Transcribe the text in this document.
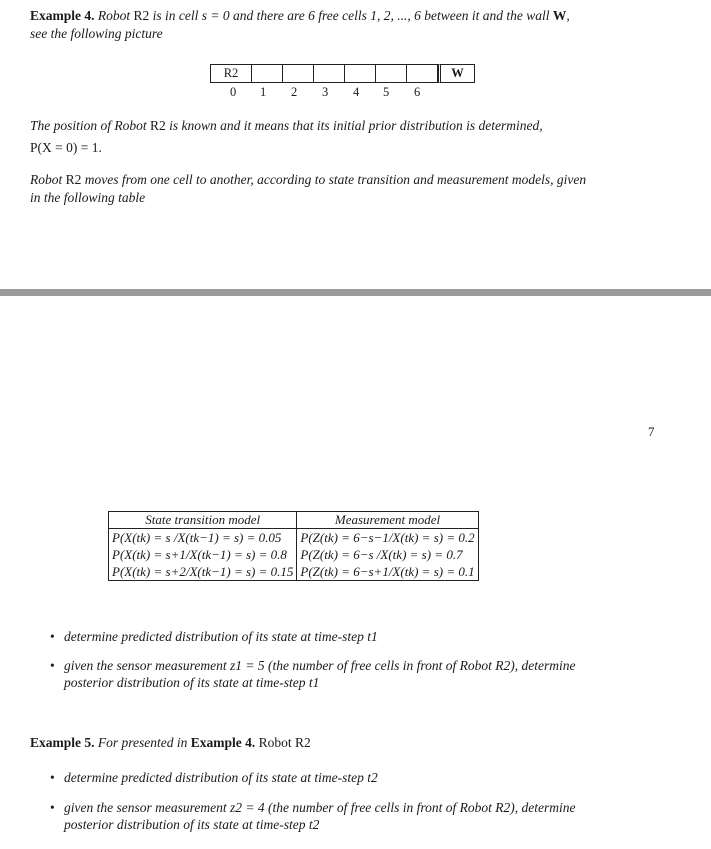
Example 4. Robot R2 is in cell s = 0 and there are 6 free cells 1, 2, ..., 6 between it and the wall W,
see the following picture
R2	W
0 1 2 3 4 5 6
The position of Robot R2 is known and it means that its initial prior distribution is determined,
P(X = 0) = 1.
Robot R2 moves from one cell to another, according to state transition and measurement models, given
in the following table
7
State transition model	Measurement model
P(X(tk) = s /X(tk−1) = s) = 0.05	P(Z(tk) = 6−s−1/X(tk) = s) = 0.2
P(X(tk) = s+1/X(tk−1) = s) = 0.8	P(Z(tk) = 6−s /X(tk) = s) = 0.7
P(X(tk) = s+2/X(tk−1) = s) = 0.15	P(Z(tk) = 6−s+1/X(tk) = s) = 0.1
• determine predicted distribution of its state at time-step t1
• given the sensor measurement z1 = 5 (the number of free cells in front of Robot R2), determine
posterior distribution of its state at time-step t1
Example 5. For presented in Example 4. Robot R2
• determine predicted distribution of its state at time-step t2
• given the sensor measurement z2 = 4 (the number of free cells in front of Robot R2), determine
posterior distribution of its state at time-step t2
